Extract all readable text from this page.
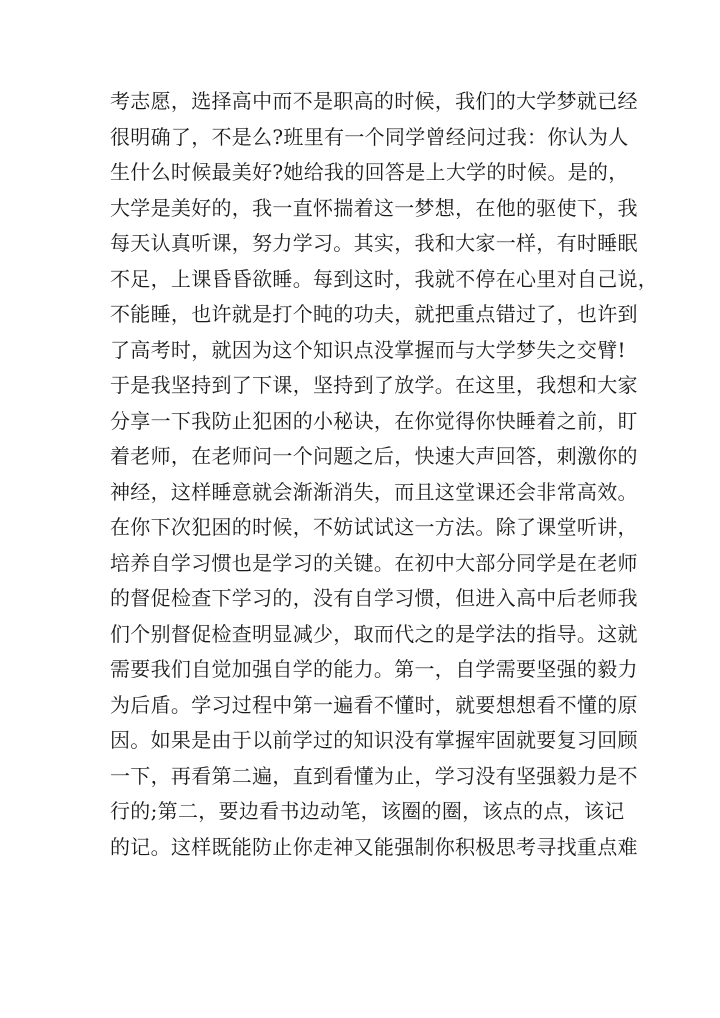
考志愿，选择高中而不是职高的时候，我们的大学梦就已经
很明确了，不是么?班里有一个同学曾经问过我：你认为人
生什么时候最美好?她给我的回答是上大学的时候。是的，
大学是美好的，我一直怀揣着这一梦想，在他的驱使下，我
每天认真听课，努力学习。其实，我和大家一样，有时睡眠
不足，上课昏昏欲睡。每到这时，我就不停在心里对自己说，
不能睡，也许就是打个盹的功夫，就把重点错过了，也许到
了高考时，就因为这个知识点没掌握而与大学梦失之交臂!
于是我坚持到了下课，坚持到了放学。在这里，我想和大家
分享一下我防止犯困的小秘诀，在你觉得你快睡着之前，盯
着老师，在老师问一个问题之后，快速大声回答，刺激你的
神经，这样睡意就会渐渐消失，而且这堂课还会非常高效。
在你下次犯困的时候，不妨试试这一方法。除了课堂听讲，
培养自学习惯也是学习的关键。在初中大部分同学是在老师
的督促检查下学习的，没有自学习惯，但进入高中后老师我
们个别督促检查明显减少，取而代之的是学法的指导。这就
需要我们自觉加强自学的能力。第一，自学需要坚强的毅力
为后盾。学习过程中第一遍看不懂时，就要想想看不懂的原
因。如果是由于以前学过的知识没有掌握牢固就要复习回顾
一下，再看第二遍，直到看懂为止，学习没有坚强毅力是不
行的;第二，要边看书边动笔，该圈的圈，该点的点，该记
的记。这样既能防止你走神又能强制你积极思考寻找重点难
